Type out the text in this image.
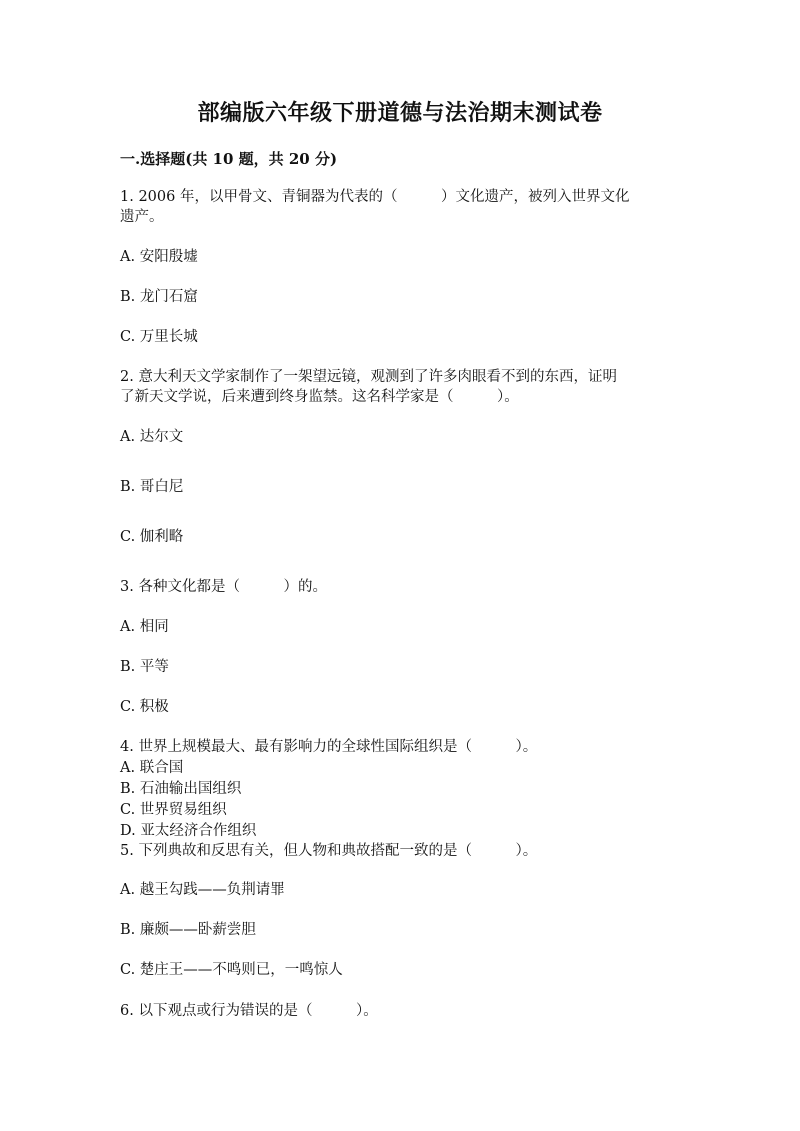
部编版六年级下册道德与法治期末测试卷
一.选择题(共 10 题，共 20 分)
1. 2006 年，以甲骨文、青铜器为代表的（　　　）文化遗产，被列入世界文化
遗产。
A. 安阳殷墟
B. 龙门石窟
C. 万里长城
2. 意大利天文学家制作了一架望远镜，观测到了许多肉眼看不到的东西，证明
了新天文学说，后来遭到终身监禁。这名科学家是（　　　）。
A. 达尔文
B. 哥白尼
C. 伽利略
3. 各种文化都是（　　　）的。
A. 相同
B. 平等
C. 积极
4. 世界上规模最大、最有影响力的全球性国际组织是（　　　）。
A. 联合国
B. 石油输出国组织
C. 世界贸易组织
D. 亚太经济合作组织
5. 下列典故和反思有关，但人物和典故搭配一致的是（　　　）。
A. 越王勾践——负荆请罪
B. 廉颇——卧薪尝胆
C. 楚庄王——不鸣则已，一鸣惊人
6. 以下观点或行为错误的是（　　　）。
